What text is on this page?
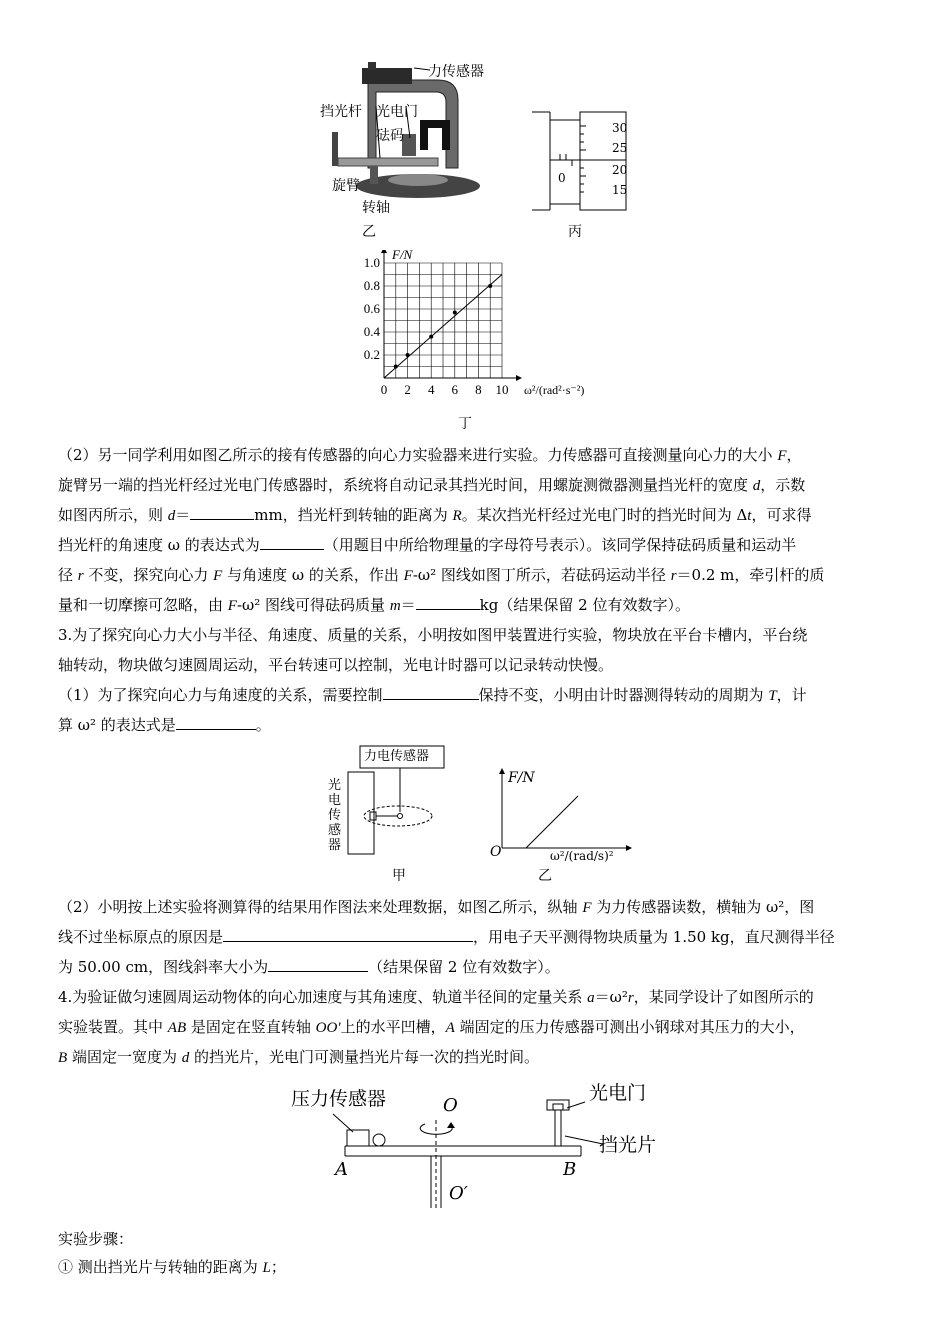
力传感器
挡光杆 光电门
砝码
旋臂
转轴
乙
0
30
25
20
15
丙
0 2 4 6 8 10
0.2
0.4
0.6
0.8
1.0
F/N
ω²/(rad²·s⁻²)
丁

（2）另一同学利用如图乙所示的接有传感器的向心力实验器来进行实验。力传感器可直接测量向心力的大小 F，

旋臂另一端的挡光杆经过光电门传感器时，系统将自动记录其挡光时间，用螺旋测微器测量挡光杆的宽度 d，示数

如图丙所示，则 d＝	mm，挡光杆到转轴的距离为 R。某次挡光杆经过光电门时的挡光时间为 Δt，可求得

挡光杆的角速度 ω 的表达式为	（用题目中所给物理量的字母符号表示）。该同学保持砝码质量和运动半

径 r 不变，探究向心力 F 与角速度 ω 的关系，作出 F-ω² 图线如图丁所示，若砝码运动半径 r＝0.2 m，牵引杆的质

量和一切摩擦可忽略，由 F-ω² 图线可得砝码质量 m＝	kg（结果保留 2 位有效数字）。

3.为了探究向心力大小与半径、角速度、质量的关系，小明按如图甲装置进行实验，物块放在平台卡槽内，平台绕

轴转动，物块做匀速圆周运动，平台转速可以控制，光电计时器可以记录转动快慢。

（1）为了探究向心力与角速度的关系，需要控制	保持不变，小明由计时器测得转动的周期为 T，计

算 ω² 的表达式是	。

力电传感器
光电传感器
甲
F/N
O	ω²/(rad/s)²
乙

（2）小明按上述实验将测算得的结果用作图法来处理数据，如图乙所示，纵轴 F 为力传感器读数，横轴为 ω²，图

线不过坐标原点的原因是	，用电子天平测得物块质量为 1.50 kg，直尺测得半径

为 50.00 cm，图线斜率大小为	（结果保留 2 位有效数字）。

4.为验证做匀速圆周运动物体的向心加速度与其角速度、轨道半径间的定量关系 a＝ω²r，某同学设计了如图所示的

实验装置。其中 AB 是固定在竖直转轴 OO′上的水平凹槽，A 端固定的压力传感器可测出小钢球对其压力的大小，

B 端固定一宽度为 d 的挡光片，光电门可测量挡光片每一次的挡光时间。

压力传感器	O
光电门
挡光片
A	B
O′

实验步骤：

① 测出挡光片与转轴的距离为 L；
